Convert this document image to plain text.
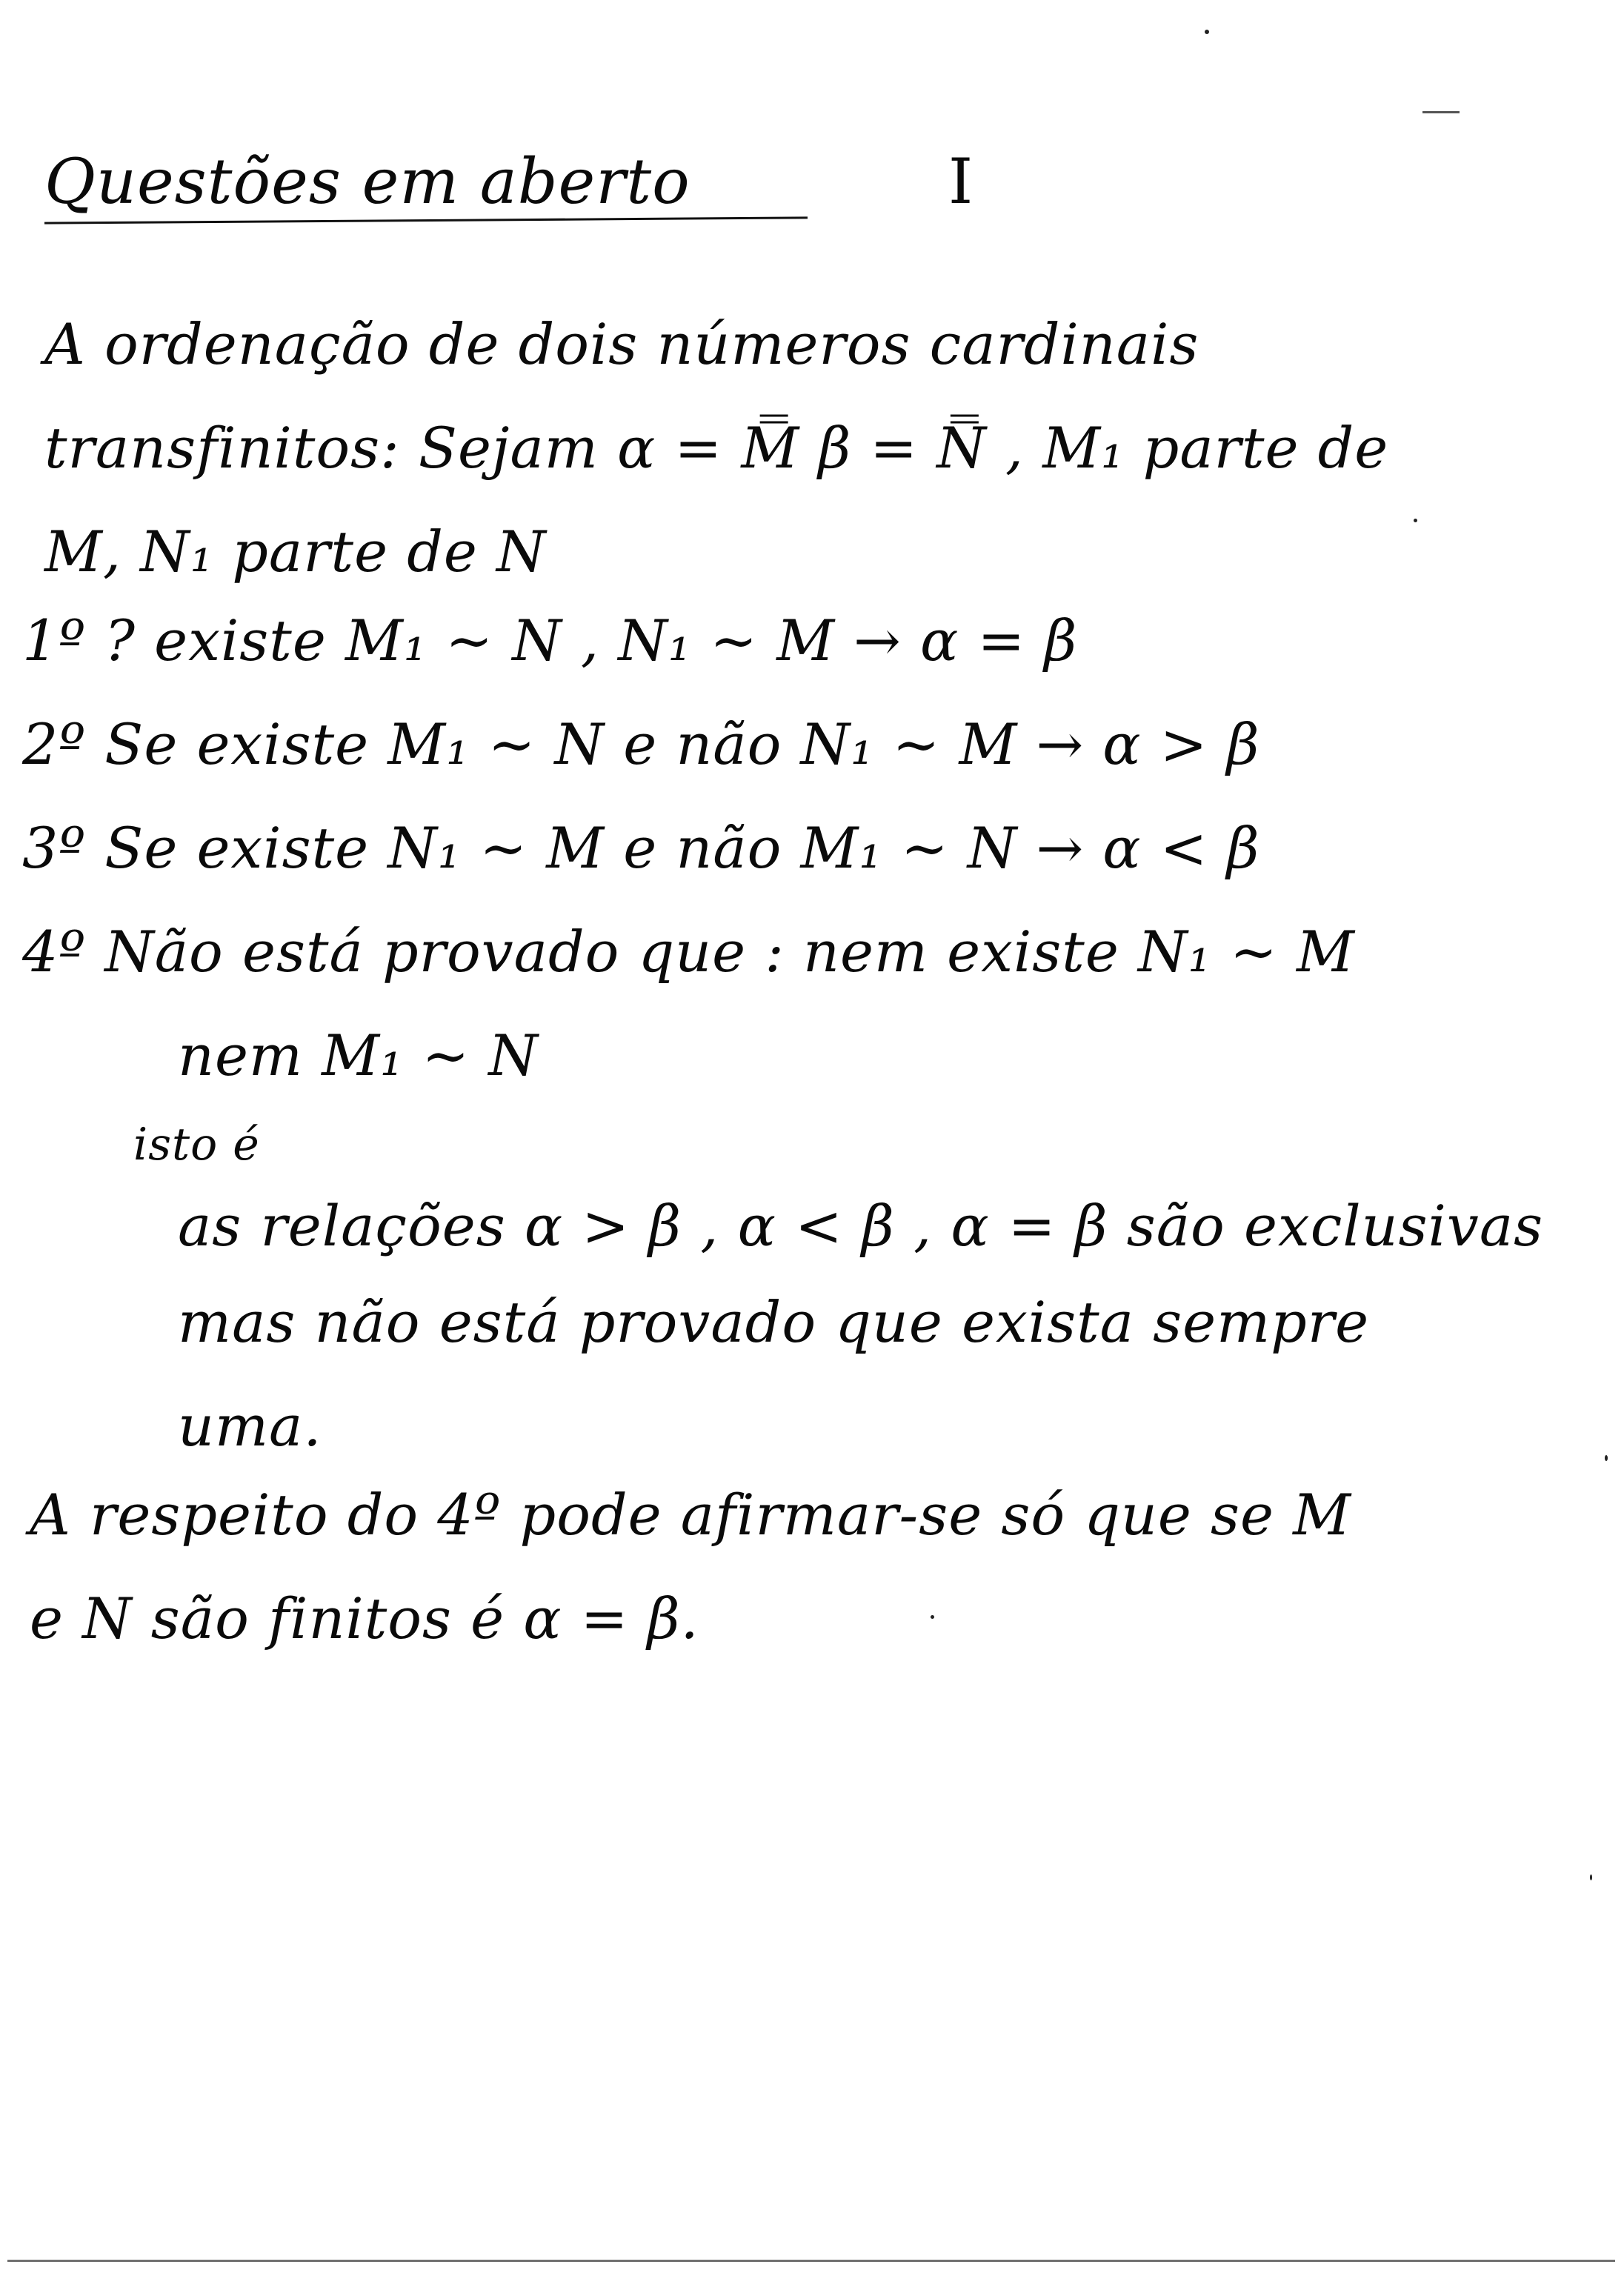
Questões em aberto	I
A ordenação de dois números cardinais
transfinitos: Sejam α = M̿ β = N̿ , M₁ parte de
M, N₁ parte de N
1º ? existe M₁ ∼ N , N₁ ∼ M → α = β
2º Se existe M₁ ∼ N e não N₁ ∼ M → α > β
3º Se existe N₁ ∼ M e não M₁ ∼ N → α < β
4º Não está provado que : nem existe N₁ ∼ M
nem M₁ ∼ N
isto é
as relações α > β , α < β , α = β são exclusivas
mas não está provado que exista sempre
uma.
A respeito do 4º pode afirmar-se só que se M
e N são finitos é α = β.
